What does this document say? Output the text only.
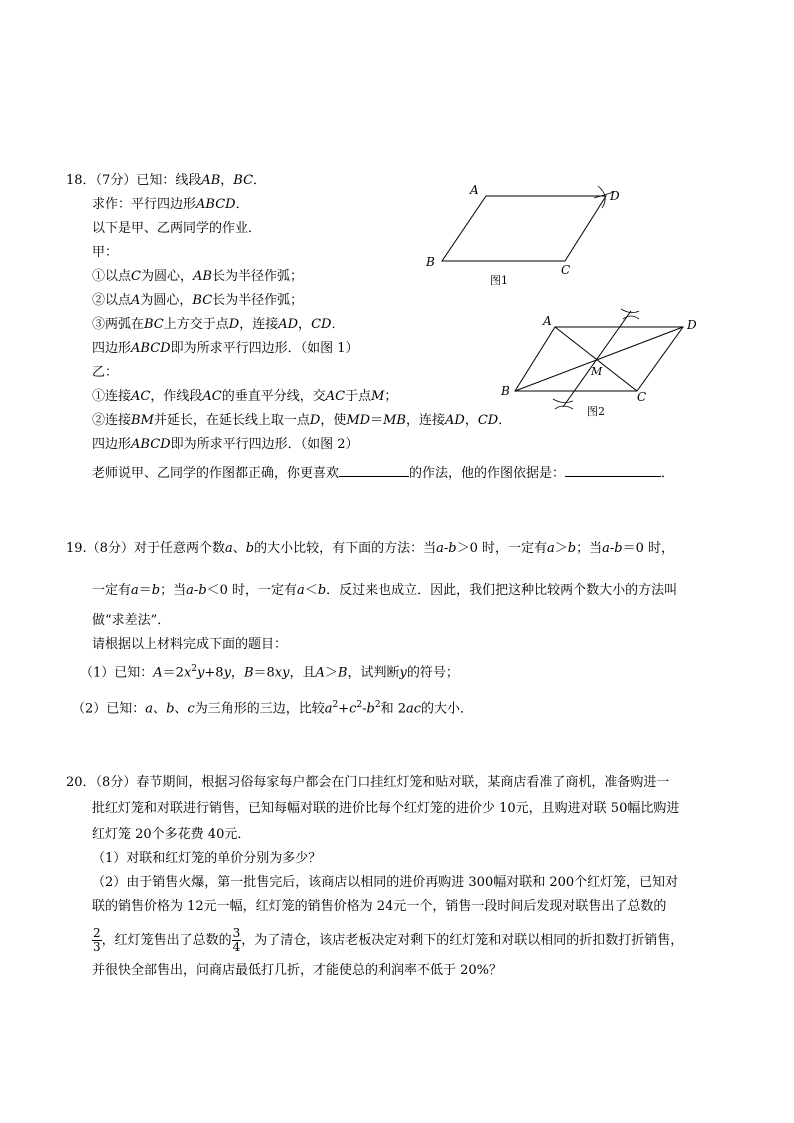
18．（7分）已知：线段AB，BC．
求作：平行四边形ABCD．
以下是甲、乙两同学的作业．
甲：
①以点C为圆心，AB长为半径作弧；
②以点A为圆心，BC长为半径作弧；
③两弧在BC上方交于点D，连接AD，CD．
四边形ABCD即为所求平行四边形．（如图 1）
乙：
①连接AC，作线段AC的垂直平分线，交AC于点M；
②连接BM并延长，在延长线上取一点D，使MD＝MB，连接AD，CD．
四边形ABCD即为所求平行四边形．（如图 2）
老师说甲、乙同学的作图都正确，你更喜欢	的作法，他的作图依据是：	．
A	D
B
C
图1
A	D
B	C
M
图2
19.（8分）对于任意两个数a、b的大小比较，有下面的方法：当a-b＞0 时，一定有a＞b；当a-b＝0 时，
一定有a＝b；当a-b＜0 时，一定有a＜b．反过来也成立．因此，我们把这种比较两个数大小的方法叫
做“求差法”．
请根据以上材料完成下面的题目：
（1）已知：$A=2x^2y+8y$，B＝8xy，且A＞B，试判断y的符号；
（2）已知：a、b、c为三角形的三边，比较$a^2+c^2-b^2$和 2ac的大小．
20．（8分）春节期间，根据习俗每家每户都会在门口挂红灯笼和贴对联，某商店看准了商机，准备购进一
批红灯笼和对联进行销售，已知每幅对联的进价比每个红灯笼的进价少 10元，且购进对联 50幅比购进
红灯笼 20个多花费 40元．
（1）对联和红灯笼的单价分别为多少？
（2）由于销售火爆，第一批售完后，该商店以相同的进价再购进 300幅对联和 200个红灯笼，已知对
联的销售价格为 12元一幅，红灯笼的销售价格为 24元一个，销售一段时间后发现对联售出了总数的
$\frac{2}{3}$ ，红灯笼售出了总数的 $\frac{3}{4}$ ，为了清仓，该店老板决定对剩下的红灯笼和对联以相同的折扣数打折销售，
并很快全部售出，问商店最低打几折，才能使总的利润率不低于 20%？
